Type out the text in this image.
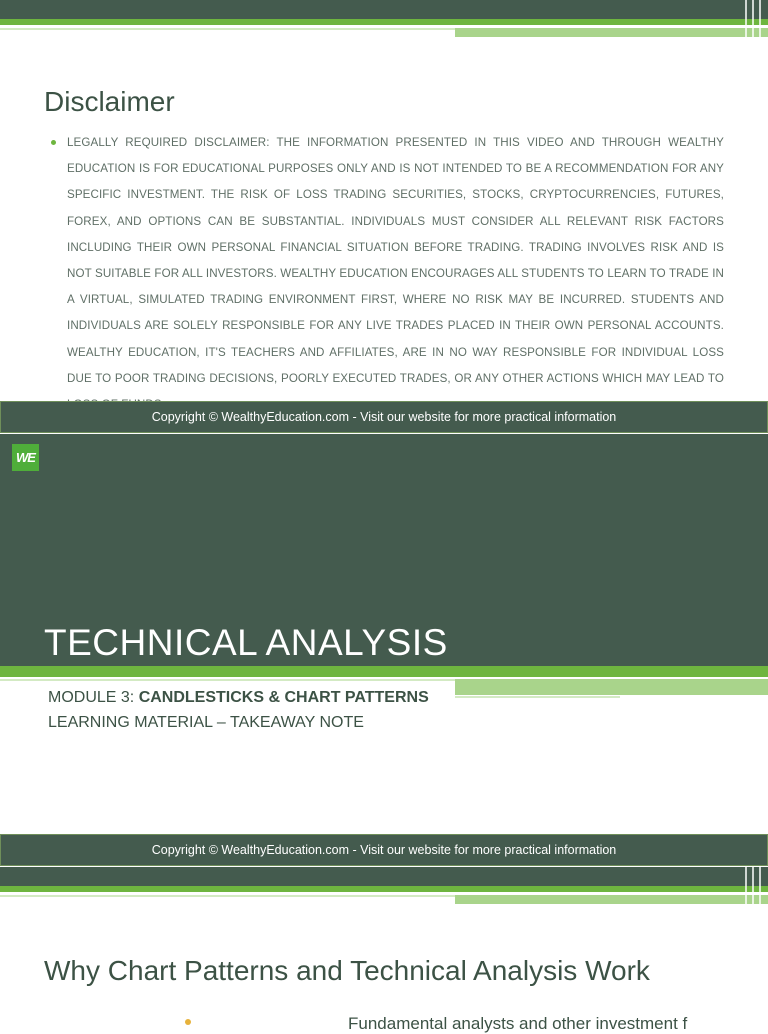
Disclaimer

LEGALLY REQUIRED DISCLAIMER: THE INFORMATION PRESENTED IN THIS VIDEO AND THROUGH WEALTHY EDUCATION IS FOR EDUCATIONAL PURPOSES ONLY AND IS NOT INTENDED TO BE A RECOMMENDATION FOR ANY SPECIFIC INVESTMENT. THE RISK OF LOSS TRADING SECURITIES, STOCKS, CRYPTOCURRENCIES, FUTURES, FOREX, AND OPTIONS CAN BE SUBSTANTIAL. INDIVIDUALS MUST CONSIDER ALL RELEVANT RISK FACTORS INCLUDING THEIR OWN PERSONAL FINANCIAL SITUATION BEFORE TRADING. TRADING INVOLVES RISK AND IS NOT SUITABLE FOR ALL INVESTORS. WEALTHY EDUCATION ENCOURAGES ALL STUDENTS TO LEARN TO TRADE IN A VIRTUAL, SIMULATED TRADING ENVIRONMENT FIRST, WHERE NO RISK MAY BE INCURRED. STUDENTS AND INDIVIDUALS ARE SOLELY RESPONSIBLE FOR ANY LIVE TRADES PLACED IN THEIR OWN PERSONAL ACCOUNTS. WEALTHY EDUCATION, IT'S TEACHERS AND AFFILIATES, ARE IN NO WAY RESPONSIBLE FOR INDIVIDUAL LOSS DUE TO POOR TRADING DECISIONS, POORLY EXECUTED TRADES, OR ANY OTHER ACTIONS WHICH MAY LEAD TO

Copyright © WealthyEducation.com - Visit our website for more practical information
WE
TECHNICAL ANALYSIS
MODULE 3: CANDLESTICKS & CHART PATTERNS
LEARNING MATERIAL – TAKEAWAY NOTE
Copyright © WealthyEducation.com - Visit our website for more practical information
Why Chart Patterns and Technical Analysis Work
Fundamental analysts and other investment f
